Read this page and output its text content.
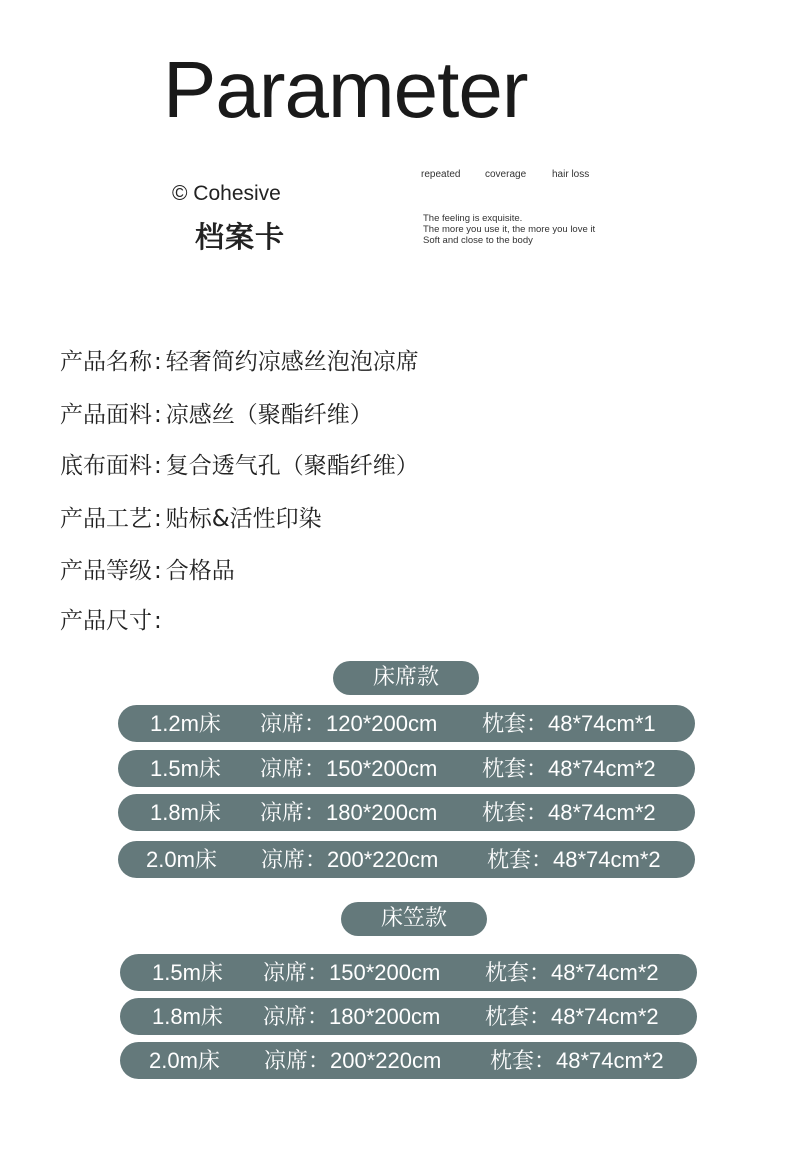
Parameter
© Cohesive
档案卡
repeated coverage	hair loss
The feeling is exquisite.
The more you use it, the more you love it
Soft and close to the body
产品名称: 轻奢简约凉感丝泡泡凉席
产品面料: 凉感丝（聚酯纤维）
底布面料: 复合透气孔（聚酯纤维）
产品工艺: 贴标&活性印染
产品等级: 合格品
产品尺寸:
床席款
1.2m床 凉席：120*200cm 枕套：48*74cm*1
1.5m床 凉席：150*200cm 枕套：48*74cm*2
1.8m床 凉席：180*200cm 枕套：48*74cm*2
2.0m床 凉席：200*220cm 枕套：48*74cm*2
床笠款
1.5m床 凉席：150*200cm 枕套：48*74cm*2
1.8m床 凉席：180*200cm 枕套：48*74cm*2
2.0m床 凉席：200*220cm 枕套：48*74cm*2
